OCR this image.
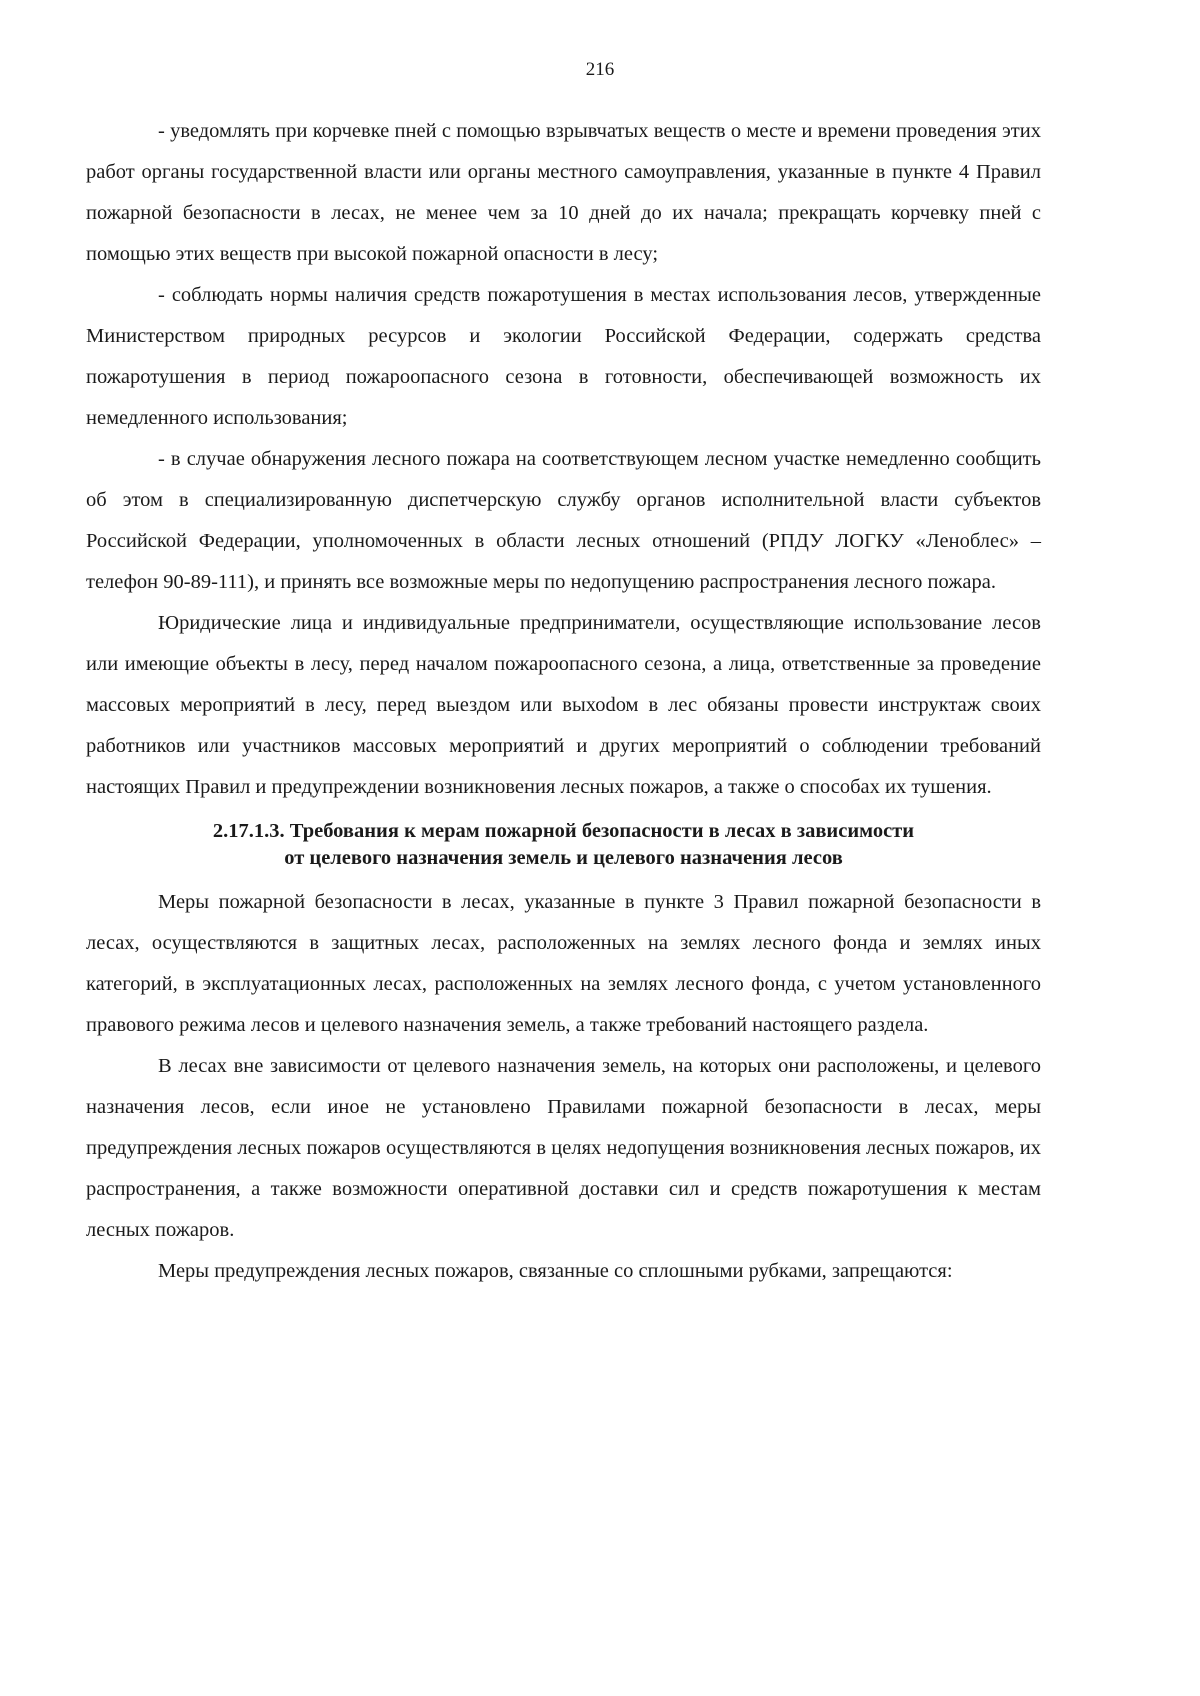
216

- уведомлять при корчевке пней с помощью взрывчатых веществ о месте и времени проведения этих работ органы государственной власти или органы местного самоуправления, указанные в пункте 4 Правил пожарной безопасности в лесах, не менее чем за 10 дней до их начала; прекращать корчевку пней с помощью этих веществ при высокой пожарной опасности в лесу;

- соблюдать нормы наличия средств пожаротушения в местах использования лесов, утвержденные Министерством природных ресурсов и экологии Российской Федерации, содержать средства пожаротушения в период пожароопасного сезона в готовности, обеспечивающей возможность их немедленного использования;

- в случае обнаружения лесного пожара на соответствующем лесном участке немедленно сообщить об этом в специализированную диспетчерскую службу органов исполнительной власти субъектов Российской Федерации, уполномоченных в области лесных отношений (РПДУ ЛОГКУ «Леноблес» – телефон 90-89-111), и принять все возможные меры по недопущению распространения лесного пожара.

Юридические лица и индивидуальные предприниматели, осуществляющие использование лесов или имеющие объекты в лесу, перед началом пожароопасного сезона, а лица, ответственные за проведение массовых мероприятий в лесу, перед выездом или выхоdом в лес обязаны провести инструктаж своих работников или участников массовых мероприятий и других мероприятий о соблюдении требований настоящих Правил и предупреждении возникновения лесных пожаров, а также о способах их тушения.

2.17.1.3. Требования к мерам пожарной безопасности в лесах в зависимости
от целевого назначения земель и целевого назначения лесов

Меры пожарной безопасности в лесах, указанные в пункте 3 Правил пожарной безопасности в лесах, осуществляются в защитных лесах, расположенных на землях лесного фонда и землях иных категорий, в эксплуатационных лесах, расположенных на землях лесного фонда, с учетом установленного правового режима лесов и целевого назначения земель, а также требований настоящего раздела.

В лесах вне зависимости от целевого назначения земель, на которых они расположены, и целевого назначения лесов, если иное не установлено Правилами пожарной безопасности в лесах, меры предупреждения лесных пожаров осуществляются в целях недопущения возникновения лесных пожаров, их распространения, а также возможности оперативной доставки сил и средств пожаротушения к местам лесных пожаров.

Меры предупреждения лесных пожаров, связанные со сплошными рубками, запрещаются:
